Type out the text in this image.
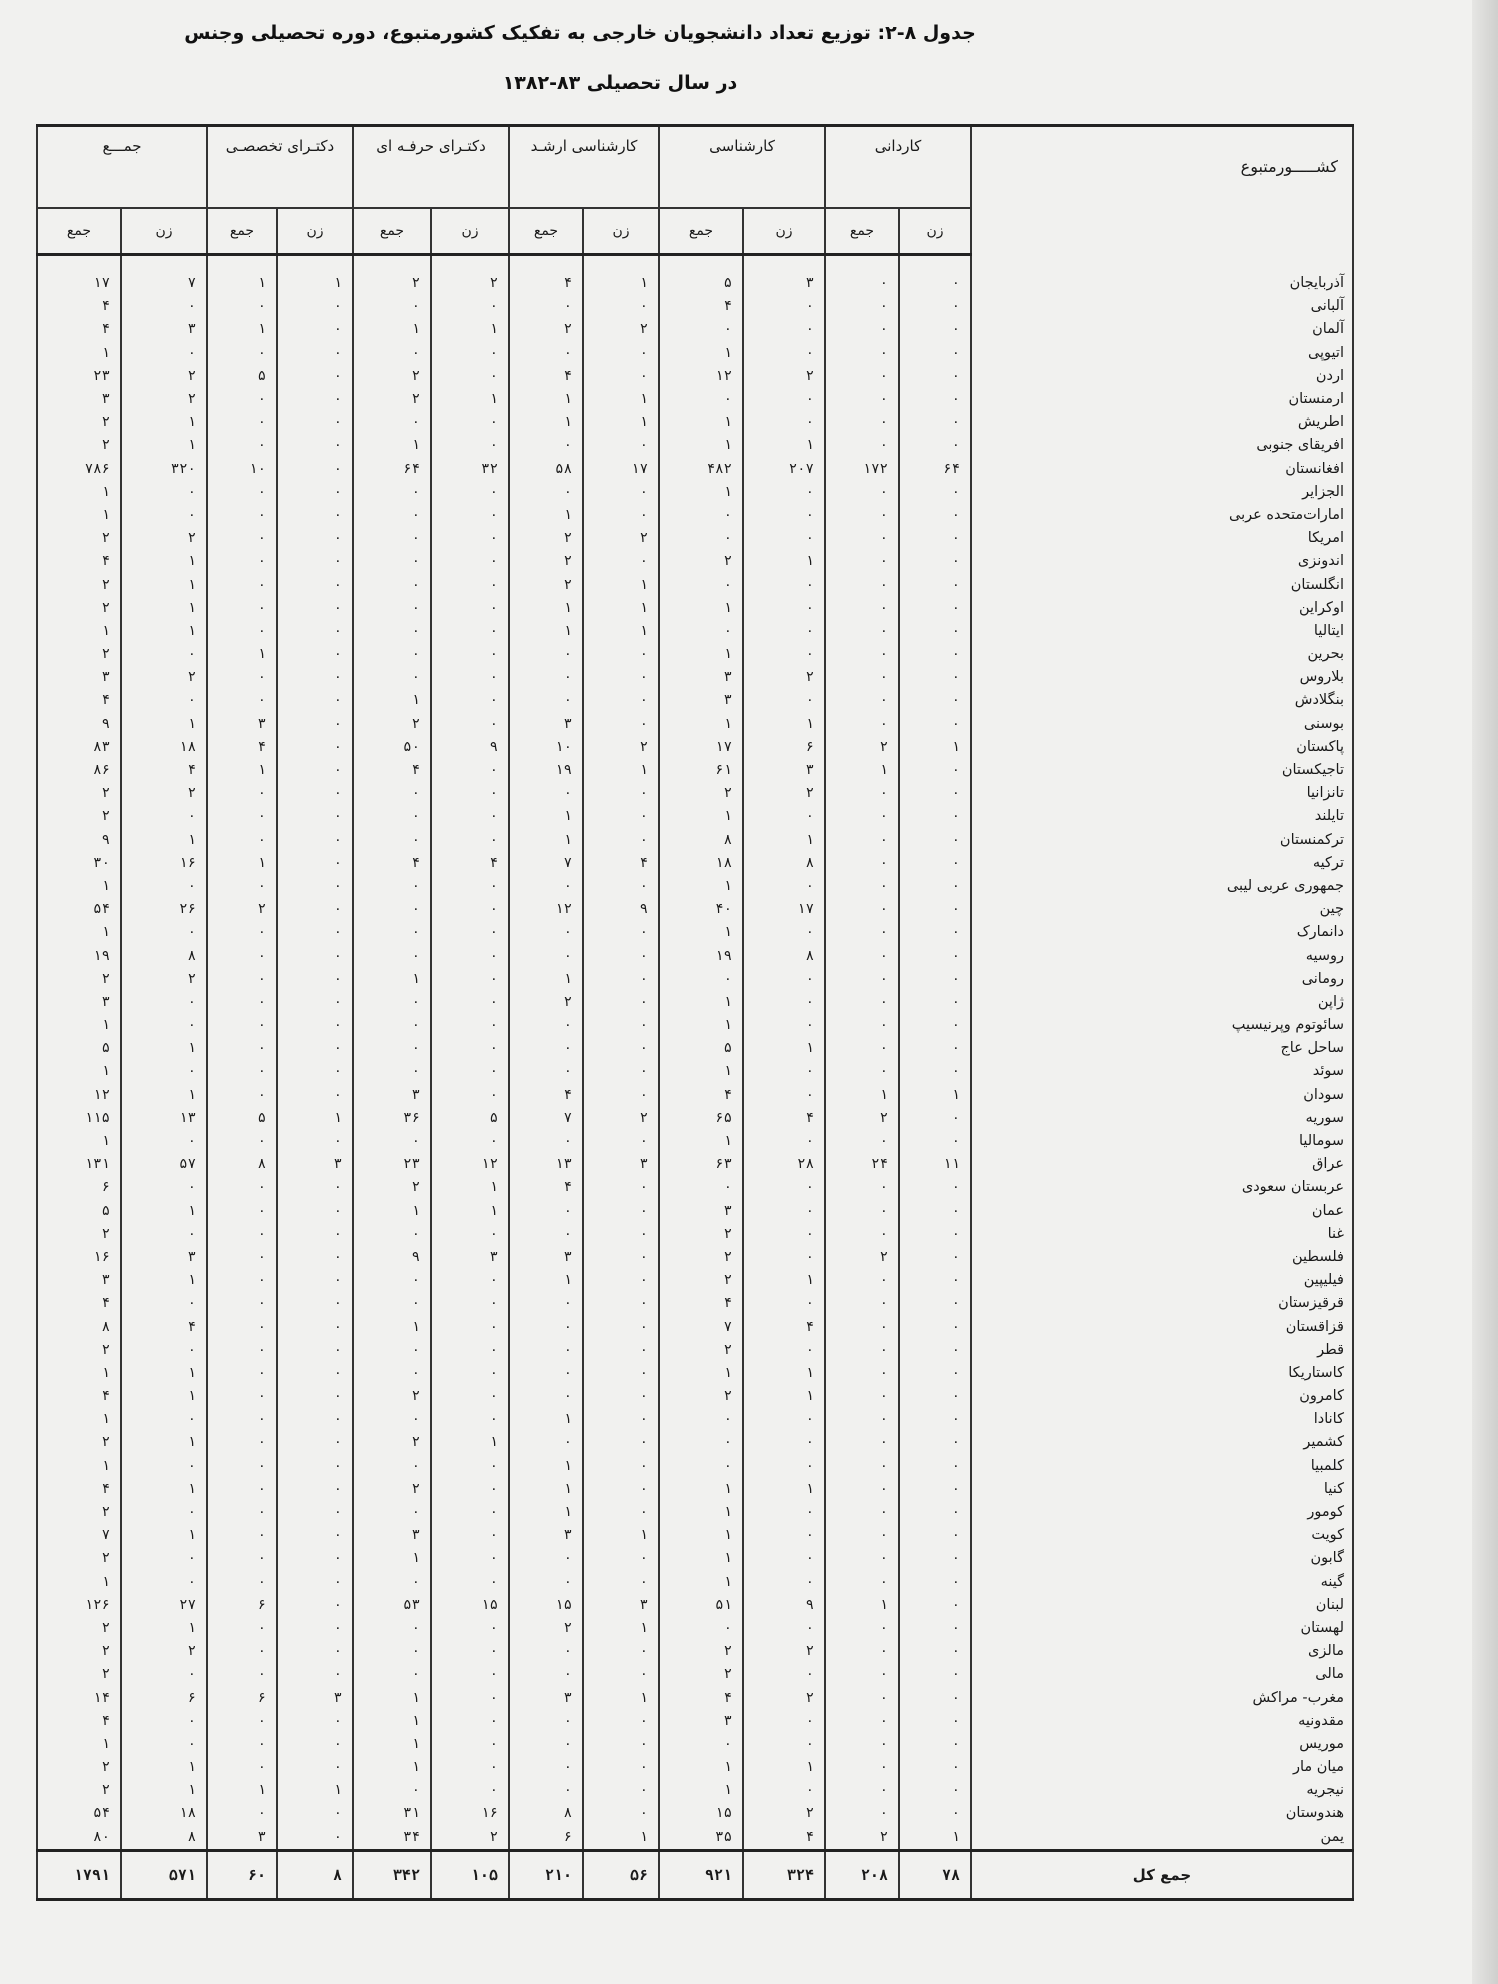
جدول ۸-۲: توزیع تعداد دانشجویان خارجی به تفکیک کشورمتبوع، دوره تحصیلی وجنس
در سال تحصیلی ۸۳-۱۳۸۲
جمـــع		دکتـرای تخصصـی		دکتـرای حرفـه ای		کارشناسی ارشـد		کارشناسی		کاردانی		کشـــــورمتبوع
جمع	زن	جمع	زن	جمع	زن	جمع	زن	جمع	زن	جمع	زن	

۱۷	۷	۱	۱	۲	۲	۴	۱	۵	۳	۰	۰	آذربایجان
۴	۰	۰	۰	۰	۰	۰	۰	۴	۰	۰	۰	آلبانی
۴	۳	۱	۰	۱	۱	۲	۲	۰	۰	۰	۰	آلمان
۱	۰	۰	۰	۰	۰	۰	۰	۱	۰	۰	۰	اتیوپی
۲۳	۲	۵	۰	۲	۰	۴	۰	۱۲	۲	۰	۰	اردن
۳	۲	۰	۰	۲	۱	۱	۱	۰	۰	۰	۰	ارمنستان
۲	۱	۰	۰	۰	۰	۱	۱	۱	۰	۰	۰	اطریش
۲	۱	۰	۰	۱	۰	۰	۰	۱	۱	۰	۰	افریقای جنوبی
۷۸۶	۳۲۰	۱۰	۰	۶۴	۳۲	۵۸	۱۷	۴۸۲	۲۰۷	۱۷۲	۶۴	افغانستان
۱	۰	۰	۰	۰	۰	۰	۰	۱	۰	۰	۰	الجزایر
۱	۰	۰	۰	۰	۰	۱	۰	۰	۰	۰	۰	امارات‌متحده عربی
۲	۲	۰	۰	۰	۰	۲	۲	۰	۰	۰	۰	امریکا
۴	۱	۰	۰	۰	۰	۲	۰	۲	۱	۰	۰	اندونزی
۲	۱	۰	۰	۰	۰	۲	۱	۰	۰	۰	۰	انگلستان
۲	۱	۰	۰	۰	۰	۱	۱	۱	۰	۰	۰	اوکراین
۱	۱	۰	۰	۰	۰	۱	۱	۰	۰	۰	۰	ایتالیا
۲	۰	۱	۰	۰	۰	۰	۰	۱	۰	۰	۰	بحرین
۳	۲	۰	۰	۰	۰	۰	۰	۳	۲	۰	۰	بلاروس
۴	۰	۰	۰	۱	۰	۰	۰	۳	۰	۰	۰	بنگلادش
۹	۱	۳	۰	۲	۰	۳	۰	۱	۱	۰	۰	بوسنی
۸۳	۱۸	۴	۰	۵۰	۹	۱۰	۲	۱۷	۶	۲	۱	پاکستان
۸۶	۴	۱	۰	۴	۰	۱۹	۱	۶۱	۳	۱	۰	تاجیکستان
۲	۲	۰	۰	۰	۰	۰	۰	۲	۲	۰	۰	تانزانیا
۲	۰	۰	۰	۰	۰	۱	۰	۱	۰	۰	۰	تایلند
۹	۱	۰	۰	۰	۰	۱	۰	۸	۱	۰	۰	ترکمنستان
۳۰	۱۶	۱	۰	۴	۴	۷	۴	۱۸	۸	۰	۰	ترکیه
۱	۰	۰	۰	۰	۰	۰	۰	۱	۰	۰	۰	جمهوری عربی لیبی
۵۴	۲۶	۲	۰	۰	۰	۱۲	۹	۴۰	۱۷	۰	۰	چین
۱	۰	۰	۰	۰	۰	۰	۰	۱	۰	۰	۰	دانمارک
۱۹	۸	۰	۰	۰	۰	۰	۰	۱۹	۸	۰	۰	روسیه
۲	۲	۰	۰	۱	۰	۱	۰	۰	۰	۰	۰	رومانی
۳	۰	۰	۰	۰	۰	۲	۰	۱	۰	۰	۰	ژاپن
۱	۰	۰	۰	۰	۰	۰	۰	۱	۰	۰	۰	سائوتوم وپرنیسیپ
۵	۱	۰	۰	۰	۰	۰	۰	۵	۱	۰	۰	ساحل عاج
۱	۰	۰	۰	۰	۰	۰	۰	۱	۰	۰	۰	سوئد
۱۲	۱	۰	۰	۳	۰	۴	۰	۴	۰	۱	۱	سودان
۱۱۵	۱۳	۵	۱	۳۶	۵	۷	۲	۶۵	۴	۲	۰	سوریه
۱	۰	۰	۰	۰	۰	۰	۰	۱	۰	۰	۰	سومالیا
۱۳۱	۵۷	۸	۳	۲۳	۱۲	۱۳	۳	۶۳	۲۸	۲۴	۱۱	عراق
۶	۰	۰	۰	۲	۱	۴	۰	۰	۰	۰	۰	عربستان سعودی
۵	۱	۰	۰	۱	۱	۰	۰	۳	۰	۰	۰	عمان
۲	۰	۰	۰	۰	۰	۰	۰	۲	۰	۰	۰	غنا
۱۶	۳	۰	۰	۹	۳	۳	۰	۲	۰	۲	۰	فلسطین
۳	۱	۰	۰	۰	۰	۱	۰	۲	۱	۰	۰	فیلیپین
۴	۰	۰	۰	۰	۰	۰	۰	۴	۰	۰	۰	قرقیزستان
۸	۴	۰	۰	۱	۰	۰	۰	۷	۴	۰	۰	قزاقستان
۲	۰	۰	۰	۰	۰	۰	۰	۲	۰	۰	۰	قطر
۱	۱	۰	۰	۰	۰	۰	۰	۱	۱	۰	۰	کاستاریکا
۴	۱	۰	۰	۲	۰	۰	۰	۲	۱	۰	۰	کامرون
۱	۰	۰	۰	۰	۰	۱	۰	۰	۰	۰	۰	کانادا
۲	۱	۰	۰	۲	۱	۰	۰	۰	۰	۰	۰	کشمیر
۱	۰	۰	۰	۰	۰	۱	۰	۰	۰	۰	۰	کلمبیا
۴	۱	۰	۰	۲	۰	۱	۰	۱	۱	۰	۰	کنیا
۲	۰	۰	۰	۰	۰	۱	۰	۱	۰	۰	۰	کومور
۷	۱	۰	۰	۳	۰	۳	۱	۱	۰	۰	۰	کویت
۲	۰	۰	۰	۱	۰	۰	۰	۱	۰	۰	۰	گابون
۱	۰	۰	۰	۰	۰	۰	۰	۱	۰	۰	۰	گینه
۱۲۶	۲۷	۶	۰	۵۳	۱۵	۱۵	۳	۵۱	۹	۱	۰	لبنان
۲	۱	۰	۰	۰	۰	۲	۱	۰	۰	۰	۰	لهستان
۲	۲	۰	۰	۰	۰	۰	۰	۲	۲	۰	۰	مالزی
۲	۰	۰	۰	۰	۰	۰	۰	۲	۰	۰	۰	مالی
۱۴	۶	۶	۳	۱	۰	۳	۱	۴	۲	۰	۰	مغرب- مراکش
۴	۰	۰	۰	۱	۰	۰	۰	۳	۰	۰	۰	مقدونیه
۱	۰	۰	۰	۱	۰	۰	۰	۰	۰	۰	۰	موریس
۲	۱	۰	۰	۱	۰	۰	۰	۱	۱	۰	۰	میان مار
۲	۱	۱	۱	۰	۰	۰	۰	۱	۰	۰	۰	نیجریه
۵۴	۱۸	۰	۰	۳۱	۱۶	۸	۰	۱۵	۲	۰	۰	هندوستان
۸۰	۸	۳	۰	۳۴	۲	۶	۱	۳۵	۴	۲	۱	یمن
۱۷۹۱	۵۷۱	۶۰	۸	۳۴۲	۱۰۵	۲۱۰	۵۶	۹۲۱	۳۲۴	۲۰۸	۷۸	جمع کل
